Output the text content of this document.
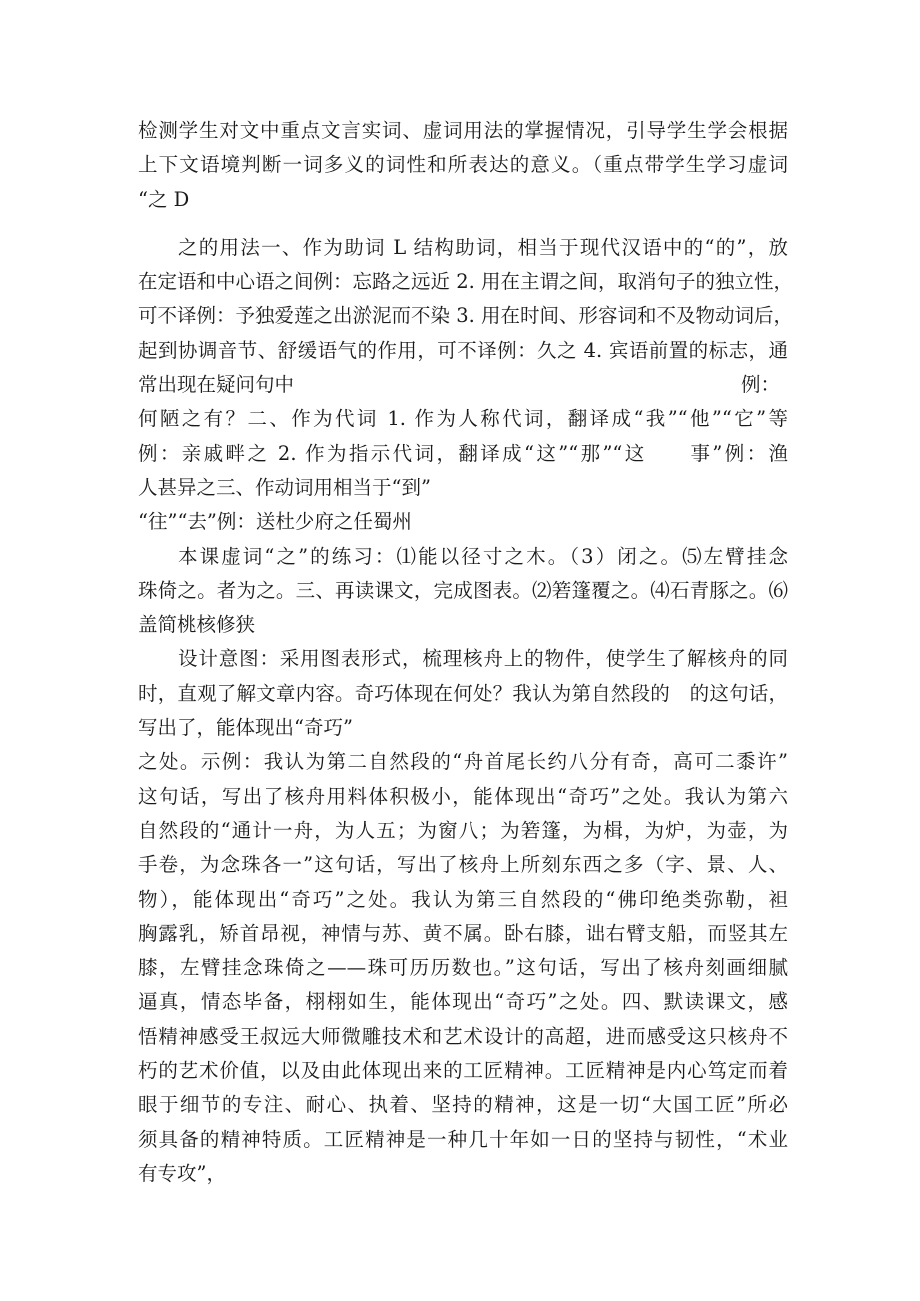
检测学生对文中重点文言实词、虚词用法的掌握情况，引导学生学会根据
上下文语境判断一词多义的词性和所表达的意义。（重点带学生学习虚词
“之 D
之的用法一、作为助词 L 结构助词，相当于现代汉语中的“的”，放
在定语和中心语之间例：忘路之远近 2. 用在主谓之间，取消句子的独立性，
可不译例：予独爱莲之出淤泥而不染 3. 用在时间、形容词和不及物动词后，
起到协调音节、舒缓语气的作用，可不译例：久之 4. 宾语前置的标志，通
常出现在疑问句中	例：
何陋之有？二、作为代词 1. 作为人称代词，翻译成“我”“他”“它”等
例：亲戚畔之 2. 作为指示代词，翻译成“这”“那”“这　　事”例：渔
人甚异之三、作动词用相当于“到”
“往”“去”例：送杜少府之任蜀州
本课虚词“之”的练习：⑴能以径寸之木。（3）闭之。⑸左臂挂念
珠倚之。者为之。三、再读课文，完成图表。⑵箬篷覆之。⑷石青豚之。⑹
盖简桃核修狭
设计意图：采用图表形式，梳理核舟上的物件，使学生了解核舟的同
时，直观了解文章内容。奇巧体现在何处？我认为第自然段的　的这句话，
写出了，能体现出“奇巧”
之处。示例：我认为第二自然段的“舟首尾长约八分有奇，高可二黍许”
这句话，写出了核舟用料体积极小，能体现出“奇巧”之处。我认为第六
自然段的“通计一舟，为人五；为窗八；为箬篷，为楫，为炉，为壶，为
手卷，为念珠各一”这句话，写出了核舟上所刻东西之多（字、景、人、
物），能体现出“奇巧”之处。我认为第三自然段的“佛印绝类弥勒，袒
胸露乳，矫首昂视，神情与苏、黄不属。卧右膝，诎右臂支船，而竖其左
膝，左臂挂念珠倚之——珠可历历数也。”这句话，写出了核舟刻画细腻
逼真，情态毕备，栩栩如生，能体现出“奇巧”之处。四、默读课文，感
悟精神感受王叔远大师微雕技术和艺术设计的高超，进而感受这只核舟不
朽的艺术价值，以及由此体现出来的工匠精神。工匠精神是内心笃定而着
眼于细节的专注、耐心、执着、坚持的精神，这是一切“大国工匠”所必
须具备的精神特质。工匠精神是一种几十年如一日的坚持与韧性，“术业
有专攻”，
